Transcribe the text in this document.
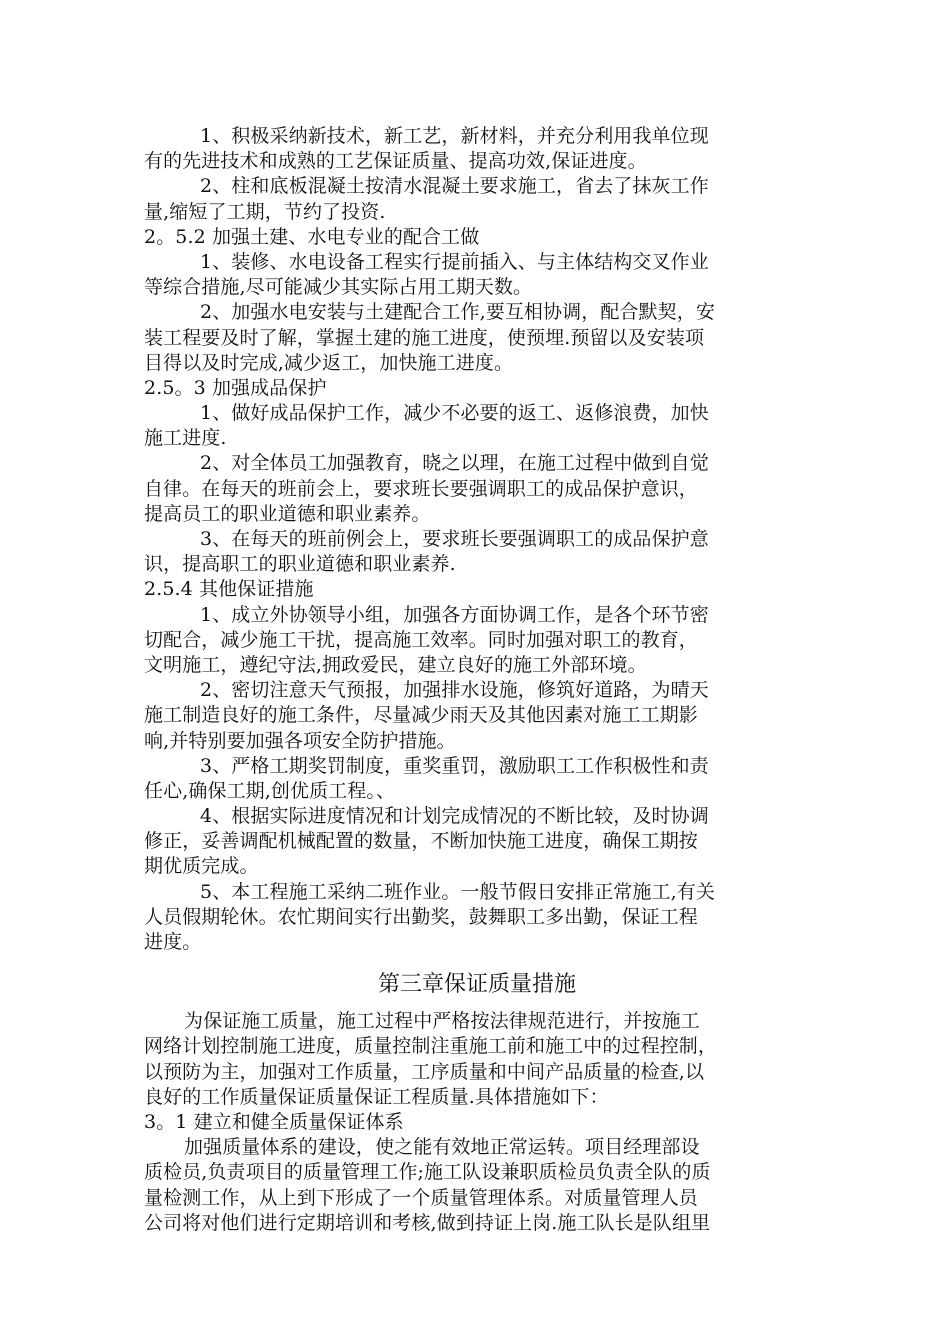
1、积极采纳新技术，新工艺，新材料，并充分利用我单位现
有的先进技术和成熟的工艺保证质量、提高功效,保证进度。
2、柱和底板混凝土按清水混凝土要求施工，省去了抹灰工作
量,缩短了工期，节约了投资.
2。5.2 加强土建、水电专业的配合工做
1、装修、水电设备工程实行提前插入、与主体结构交叉作业
等综合措施,尽可能减少其实际占用工期天数。
2、加强水电安装与土建配合工作,要互相协调，配合默契，安
装工程要及时了解，掌握土建的施工进度，使预埋.预留以及安装项
目得以及时完成,减少返工，加快施工进度。
2.5。3 加强成品保护
1、做好成品保护工作，减少不必要的返工、返修浪费，加快
施工进度.
2、对全体员工加强教育，晓之以理，在施工过程中做到自觉
自律。在每天的班前会上，要求班长要强调职工的成品保护意识，
提高员工的职业道德和职业素养。
3、在每天的班前例会上，要求班长要强调职工的成品保护意
识，提高职工的职业道德和职业素养.
2.5.4 其他保证措施
1、成立外协领导小组，加强各方面协调工作，是各个环节密
切配合，减少施工干扰，提高施工效率。同时加强对职工的教育，
文明施工，遵纪守法,拥政爱民，建立良好的施工外部环境。
2、密切注意天气预报，加强排水设施，修筑好道路，为晴天
施工制造良好的施工条件，尽量减少雨天及其他因素对施工工期影
响,并特别要加强各项安全防护措施。
3、严格工期奖罚制度，重奖重罚，激励职工工作积极性和责
任心,确保工期,创优质工程。、
4、根据实际进度情况和计划完成情况的不断比较，及时协调
修正，妥善调配机械配置的数量，不断加快施工进度，确保工期按
期优质完成。
5、本工程施工采纳二班作业。一般节假日安排正常施工,有关
人员假期轮休。农忙期间实行出勤奖，鼓舞职工多出勤，保证工程
进度。
第三章保证质量措施
为保证施工质量，施工过程中严格按法律规范进行，并按施工
网络计划控制施工进度，质量控制注重施工前和施工中的过程控制，
以预防为主，加强对工作质量，工序质量和中间产品质量的检查,以
良好的工作质量保证质量保证工程质量.具体措施如下：
3。1 建立和健全质量保证体系
加强质量体系的建设，使之能有效地正常运转。项目经理部设
质检员,负责项目的质量管理工作;施工队设兼职质检员负责全队的质
量检测工作，从上到下形成了一个质量管理体系。对质量管理人员
公司将对他们进行定期培训和考核,做到持证上岗.施工队长是队组里
